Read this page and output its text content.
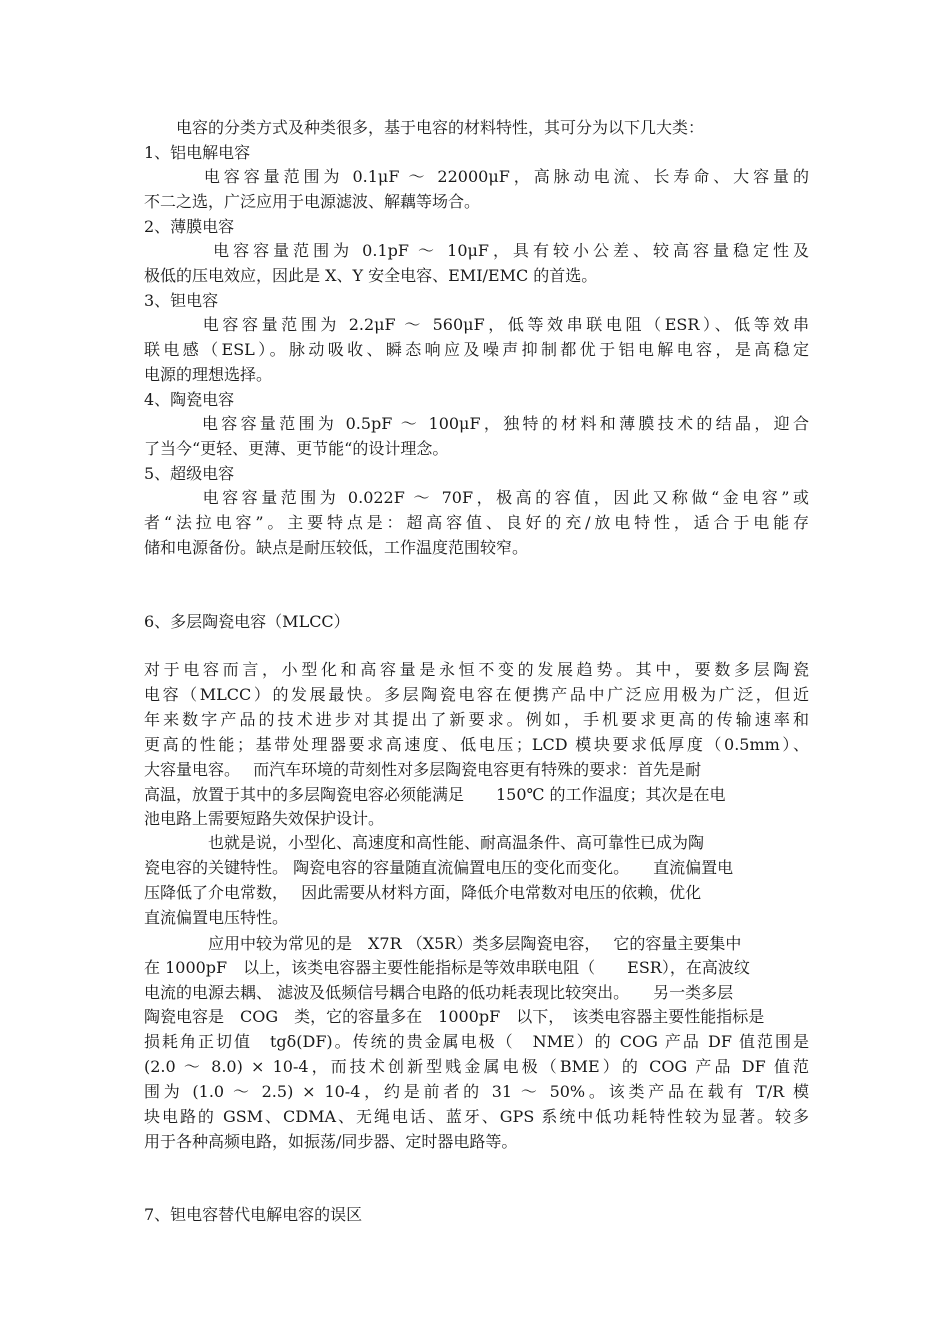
　　电容的分类方式及种类很多，基于电容的材料特性，其可分为以下几大类：
1、铝电解电容
　　　电容容量范围为 0.1μF ～ 22000μF，高脉动电流、长寿命、大容量的
不二之选，广泛应用于电源滤波、解藕等场合。
2、薄膜电容
　　　 电容容量范围为 0.1pF ～ 10μF，具有较小公差、较高容量稳定性及
极低的压电效应，因此是 X、Y 安全电容、EMI/EMC 的首选。
3、钽电容
　　　电容容量范围为 2.2μF ～ 560μF，低等效串联电阻（ESR）、低等效串
联电感（ESL）。脉动吸收、瞬态响应及噪声抑制都优于铝电解电容，是高稳定
电源的理想选择。
4、陶瓷电容
　　　电容容量范围为 0.5pF ～ 100μF，独特的材料和薄膜技术的结晶，迎合
了当今“更轻、更薄、更节能“的设计理念。
5、超级电容
　　　电容容量范围为 0.022F ～ 70F，极高的容值，因此又称做“金电容”或
者“法拉电容”。主要特点是：超高容值、良好的充/放电特性，适合于电能存
储和电源备份。缺点是耐压较低，工作温度范围较窄。
6、多层陶瓷电容（MLCC）
对于电容而言，小型化和高容量是永恒不变的发展趋势。其中，要数多层陶瓷
电容（MLCC）的发展最快。多层陶瓷电容在便携产品中广泛应用极为广泛，但近
年来数字产品的技术进步对其提出了新要求。例如，手机要求更高的传输速率和
更高的性能；基带处理器要求高速度、低电压；LCD 模块要求低厚度（0.5mm）、
大容量电容。　 而汽车环境的苛刻性对多层陶瓷电容更有特殊的要求：首先是耐
高温，放置于其中的多层陶瓷电容必须能满足　　150℃ 的工作温度；其次是在电
池电路上需要短路失效保护设计。
　　　　也就是说，小型化、高速度和高性能、耐高温条件、高可靠性已成为陶
瓷电容的关键特性。 陶瓷电容的容量随直流偏置电压的变化而变化。　　直流偏置电
压降低了介电常数，　 因此需要从材料方面，降低介电常数对电压的依赖，优化
直流偏置电压特性。
　　　　应用中较为常见的是　X7R （X5R）类多层陶瓷电容，　 它的容量主要集中
在 1000pF　以上，该类电容器主要性能指标是等效串联电阻（　　ESR），在高波纹
电流的电源去耦、 滤波及低频信号耦合电路的低功耗表现比较突出。　　另一类多层
陶瓷电容是　COG　类，它的容量多在　1000pF　以下，　该类电容器主要性能指标是
损耗角正切值　tgδ(DF)。传统的贵金属电极（　NME）的 COG 产品 DF 值范围是
(2.0 ～ 8.0) × 10-4，而技术创新型贱金属电极（BME）的 COG 产品 DF 值范
围为 (1.0 ～ 2.5) × 10-4，约是前者的 31 ～ 50%。该类产品在载有 T/R 模
块电路的 GSM、CDMA、无绳电话、蓝牙、GPS 系统中低功耗特性较为显著。较多
用于各种高频电路，如振荡/同步器、定时器电路等。
7、钽电容替代电解电容的误区
